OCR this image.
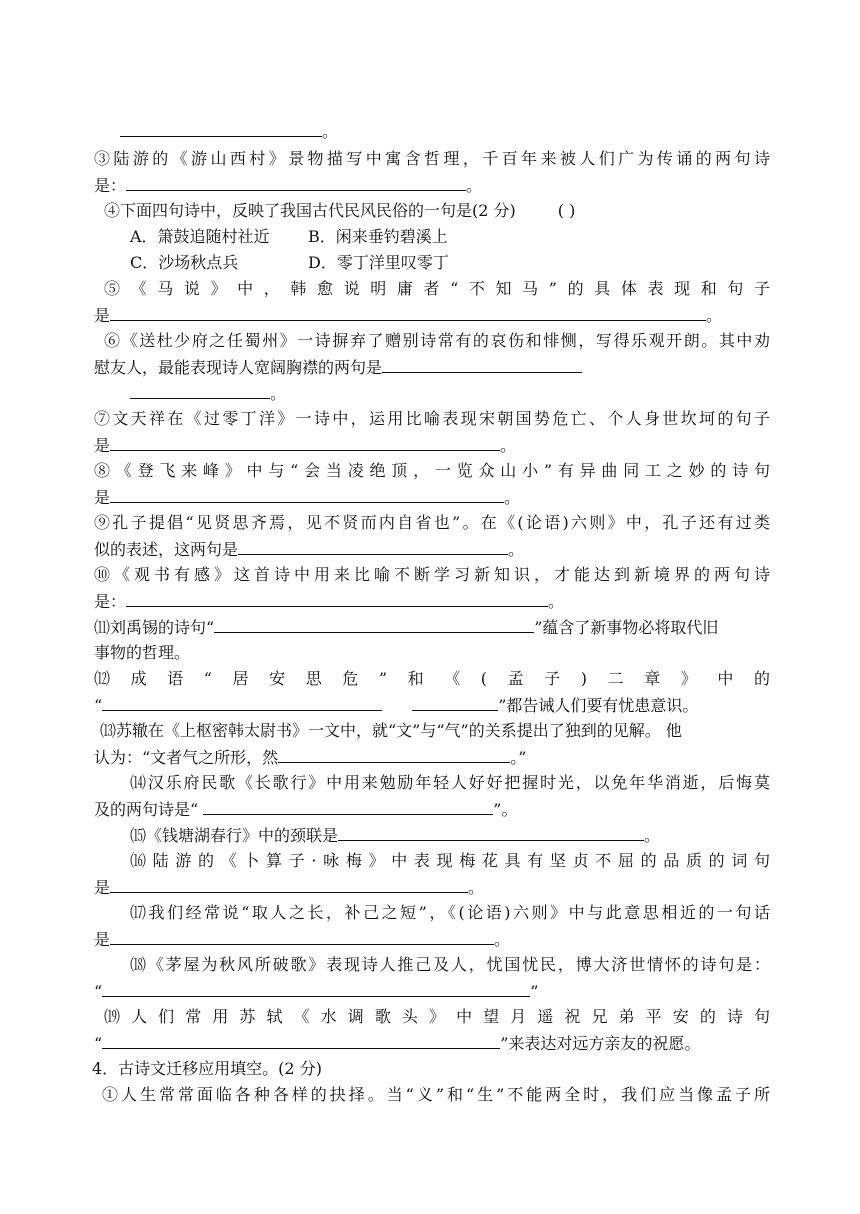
。
③陆游的《游山西村》景物描写中寓含哲理，千百年来被人们广为传诵的两句诗
是：	。
④下面四句诗中，反映了我国古代民风民俗的一句是(2 分)	( )
A．箫鼓追随村社近 B．闲来垂钓碧溪上
C．沙场秋点兵	D．零丁洋里叹零丁
⑤《马说》中，韩愈说明庸者“不知马”的具体表现和句子
是	。
⑥《送杜少府之任蜀州》一诗摒弃了赠别诗常有的哀伤和悱恻，写得乐观开朗。其中劝
慰友人，最能表现诗人宽阔胸襟的两句是
。
⑦文天祥在《过零丁洋》一诗中，运用比喻表现宋朝国势危亡、个人身世坎坷的句子
是	。
⑧《登飞来峰》中与“会当凌绝顶，一览众山小”有异曲同工之妙的诗句
是	。
⑨孔子提倡“见贤思齐焉，见不贤而内自省也”。在《(论语)六则》中，孔子还有过类
似的表述，这两句是	。
⑩《观书有感》这首诗中用来比喻不断学习新知识，才能达到新境界的两句诗
是：	。
⑾刘禹锡的诗句“	”蕴含了新事物必将取代旧
事物的哲理。
⑿成语“居安思危”和《(孟子)二章》中的
“	”都告诫人们要有忧患意识。
⒀苏辙在《上枢密韩太尉书》一文中，就“文”与“气”的关系提出了独到的见解。 他
认为：“文者气之所形，然	。”
⒁汉乐府民歌《长歌行》中用来勉励年轻人好好把握时光，以免年华消逝，后悔莫
及的两句诗是“	”。
⒂《钱塘湖春行》中的颈联是	。
⒃陆游的《卜算子·咏梅》中表现梅花具有坚贞不屈的品质的词句
是	。
⒄我们经常说“取人之长，补己之短”，《(论语)六则》中与此意思相近的一句话
是	。
⒅《茅屋为秋风所破歌》表现诗人推己及人，忧国忧民，博大济世情怀的诗句是：
“	”
⒆人们常用苏轼《水调歌头》中望月遥祝兄弟平安的诗句
“	”来表达对远方亲友的祝愿。
4．古诗文迁移应用填空。(2 分)
①人生常常面临各种各样的抉择。当“义”和“生”不能两全时，我们应当像孟子所
